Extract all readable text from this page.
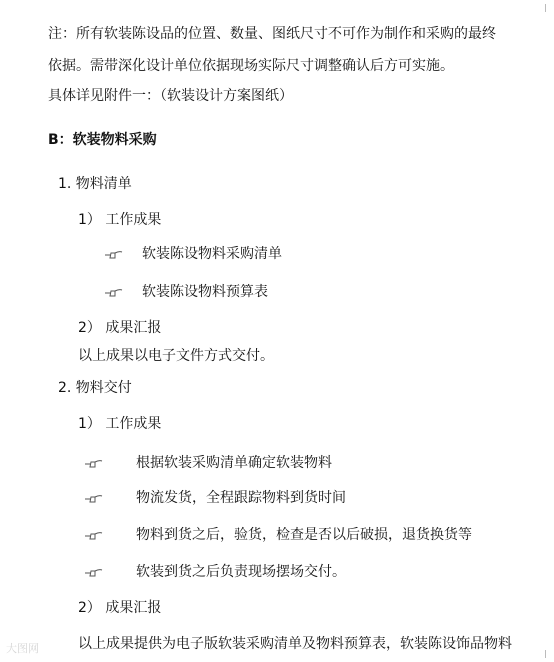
注：所有软装陈设品的位置、数量、图纸尺寸不可作为制作和采购的最终
依据。需带深化设计单位依据现场实际尺寸调整确认后方可实施。
具体详见附件一：（软装设计方案图纸）
B：软装物料采购
1. 物料清单
1） 工作成果
软装陈设物料采购清单
软装陈设物料预算表
2） 成果汇报
以上成果以电子文件方式交付。
2. 物料交付
1） 工作成果
根据软装采购清单确定软装物料
物流发货，全程跟踪物料到货时间
物料到货之后，验货，检查是否以后破损，退货换货等
软装到货之后负责现场摆场交付。
2） 成果汇报
以上成果提供为电子版软装采购清单及物料预算表，软装陈设饰品物料
大图网
